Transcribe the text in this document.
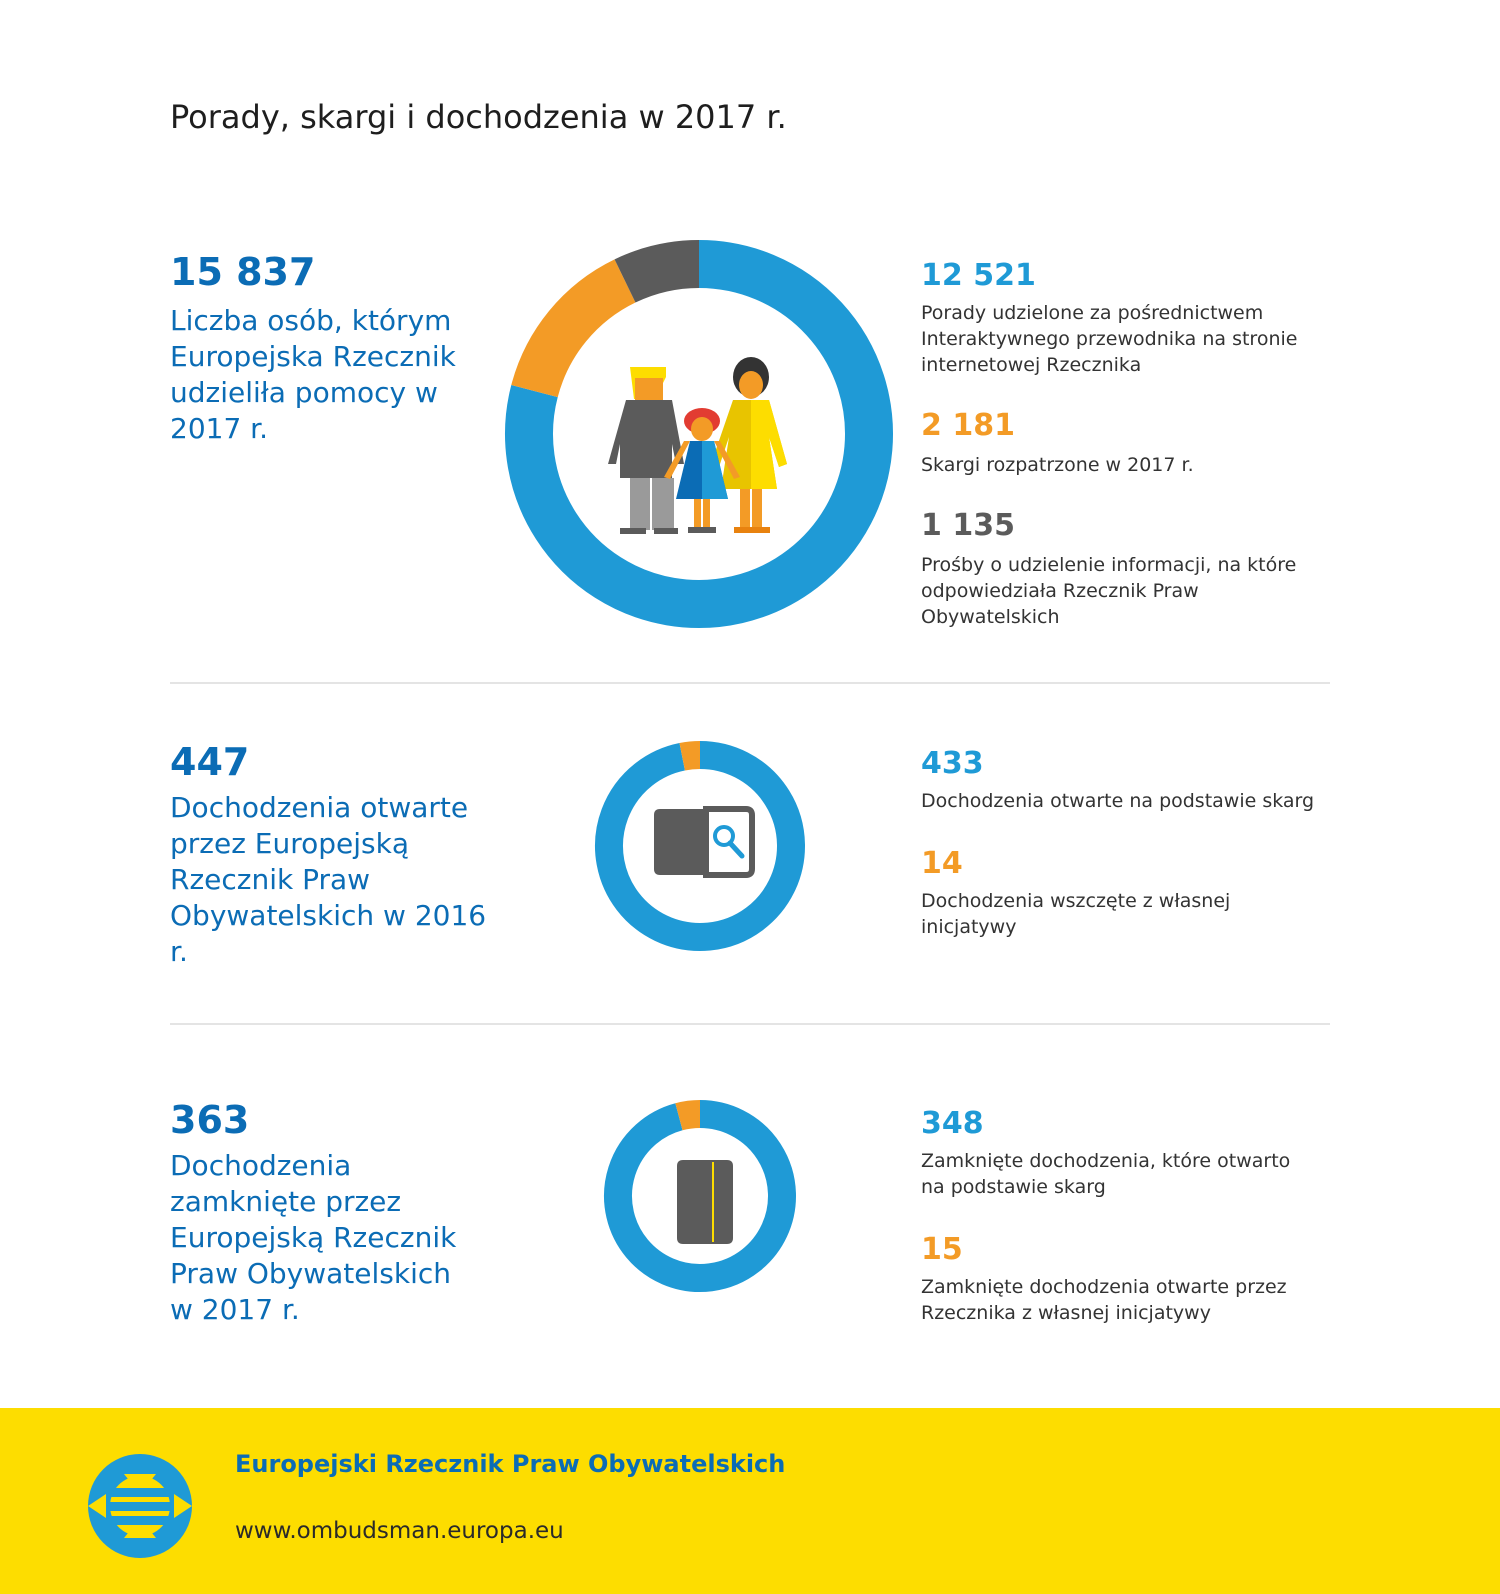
Porady, skargi i dochodzenia w 2017 r.
15 837
Liczba osób, którym Europejska Rzecznik udzieliła pomocy w 2017 r.
12 521
Porady udzielone za pośrednictwem Interaktywnego przewodnika na stronie internetowej Rzecznika
2 181
Skargi rozpatrzone w 2017 r.
1 135
Prośby o udzielenie informacji, na które odpowiedziała Rzecznik Praw Obywatelskich
447
Dochodzenia otwarte przez Europejską Rzecznik Praw Obywatelskich w 2016 r.
433
Dochodzenia otwarte na podstawie skarg
14
Dochodzenia wszczęte z własnej inicjatywy
363
Dochodzenia zamknięte przez Europejską Rzecznik Praw Obywatelskich w 2017 r.
348
Zamknięte dochodzenia, które otwarto na podstawie skarg
15
Zamknięte dochodzenia otwarte przez Rzecznika z własnej inicjatywy
Europejski Rzecznik Praw Obywatelskich
www.ombudsman.europa.eu
